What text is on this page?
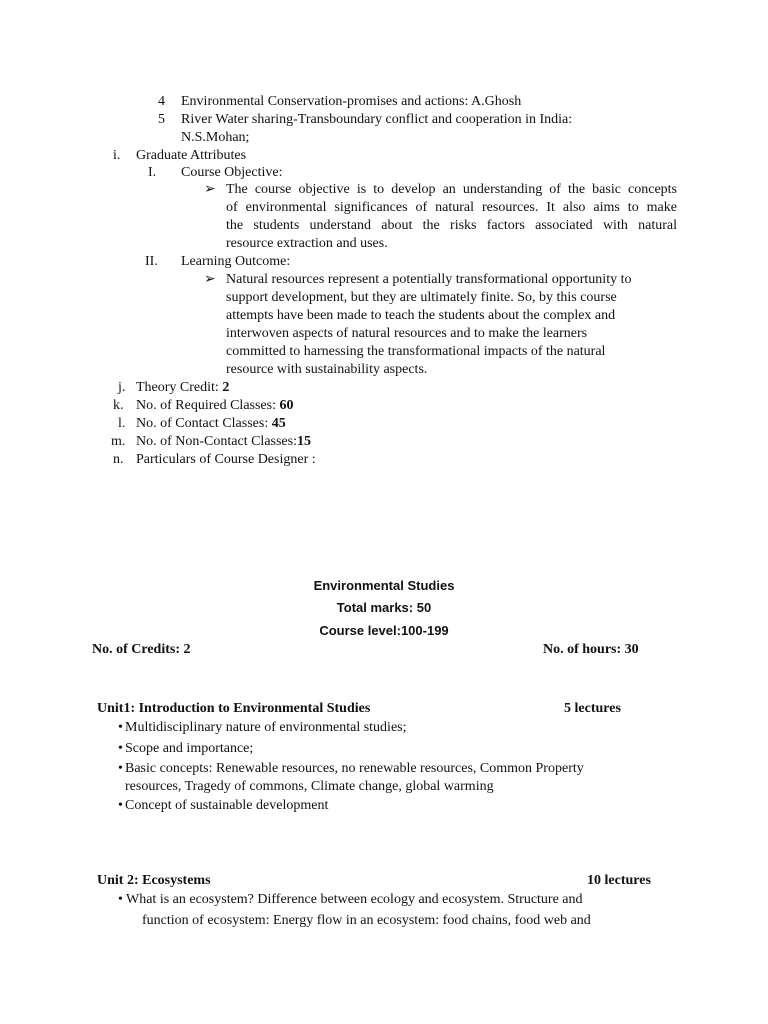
4 Environmental Conservation-promises and actions: A.Ghosh
5 River Water sharing-Transboundary conflict and cooperation in India:
N.S.Mohan;
i. Graduate Attributes
I. Course Objective:
➢ The course objective is to develop an understanding of the basic concepts
of environmental significances of natural resources. It also aims to make
the students understand about the risks factors associated with natural
resource extraction and uses.
II. Learning Outcome:
➢ Natural resources represent a potentially transformational opportunity to
support development, but they are ultimately finite. So, by this course
attempts have been made to teach the students about the complex and
interwoven aspects of natural resources and to make the learners
committed to harnessing the transformational impacts of the natural
resource with sustainability aspects.
j. Theory Credit: 2
k. No. of Required Classes: 60
l. No. of Contact Classes: 45
m. No. of Non-Contact Classes:15
n. Particulars of Course Designer :
Environmental Studies
Total marks: 50
Course level:100-199
No. of Credits: 2	No. of hours: 30
Unit1: Introduction to Environmental Studies	5 lectures
• Multidisciplinary nature of environmental studies;
• Scope and importance;
• Basic concepts: Renewable resources, no renewable resources, Common Property
resources, Tragedy of commons, Climate change, global warming
• Concept of sustainable development
Unit 2: Ecosystems	10 lectures
• What is an ecosystem? Difference between ecology and ecosystem. Structure and
function of ecosystem: Energy flow in an ecosystem: food chains, food web and
